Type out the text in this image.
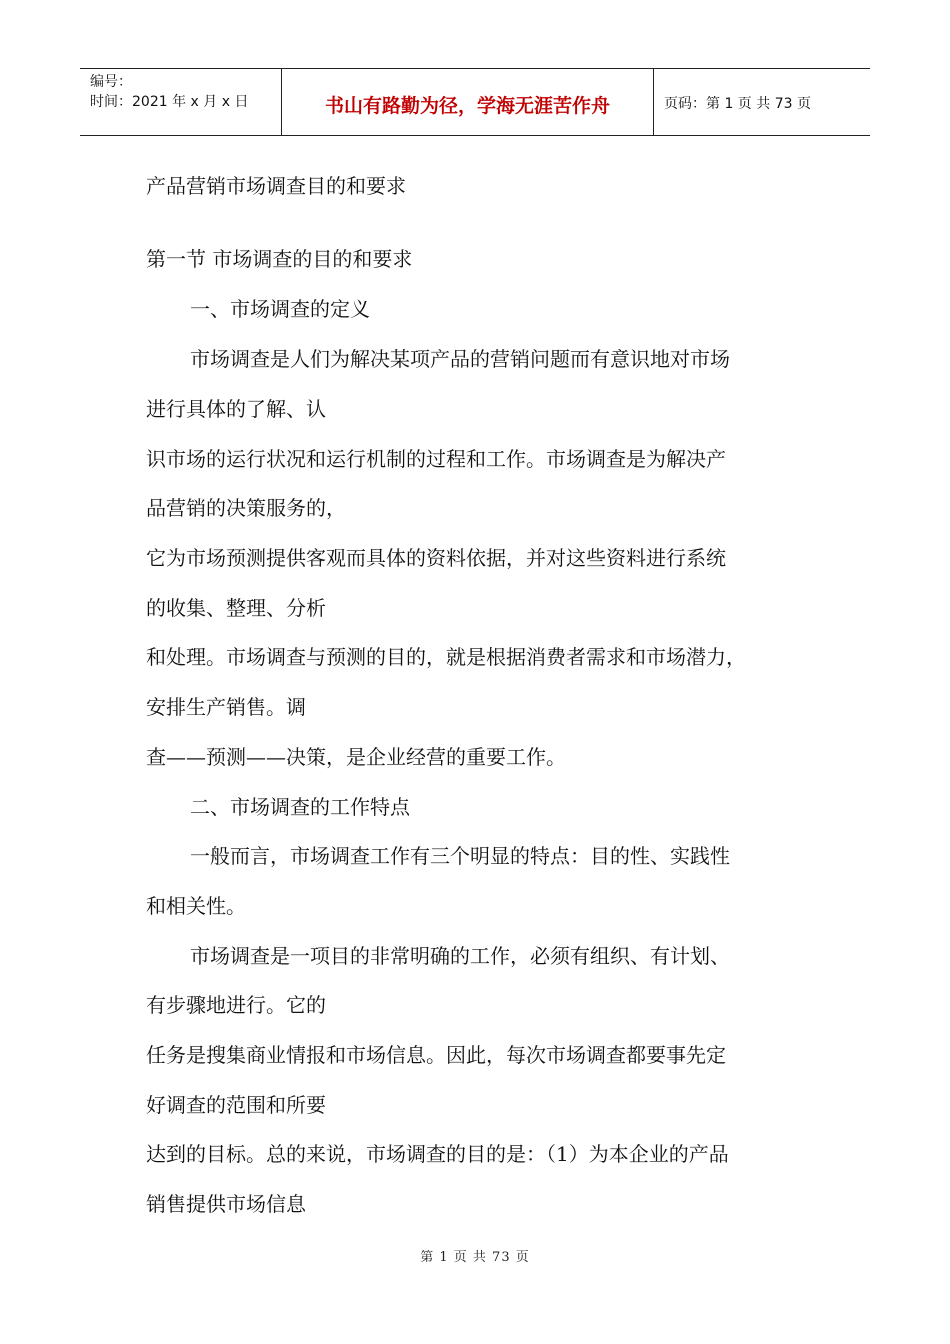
编号：
时间：2021 年 x 月 x 日	书山有路勤为径，学海无涯苦作舟	页码：第 1 页 共 73 页
产品营销市场调查目的和要求
第一节 市场调查的目的和要求
一、市场调查的定义
市场调查是人们为解决某项产品的营销问题而有意识地对市场
进行具体的了解、认
识市场的运行状况和运行机制的过程和工作。市场调查是为解决产
品营销的决策服务的，
它为市场预测提供客观而具体的资料依据，并对这些资料进行系统
的收集、整理、分析
和处理。市场调查与预测的目的，就是根据消费者需求和市场潜力，
安排生产销售。调
查——预测——决策，是企业经营的重要工作。
二、市场调查的工作特点
一般而言，市场调查工作有三个明显的特点：目的性、实践性
和相关性。
市场调查是一项目的非常明确的工作，必须有组织、有计划、
有步骤地进行。它的
任务是搜集商业情报和市场信息。因此，每次市场调查都要事先定
好调查的范围和所要
达到的目标。总的来说，市场调查的目的是：（1）为本企业的产品
销售提供市场信息
第 1 页 共 73 页
